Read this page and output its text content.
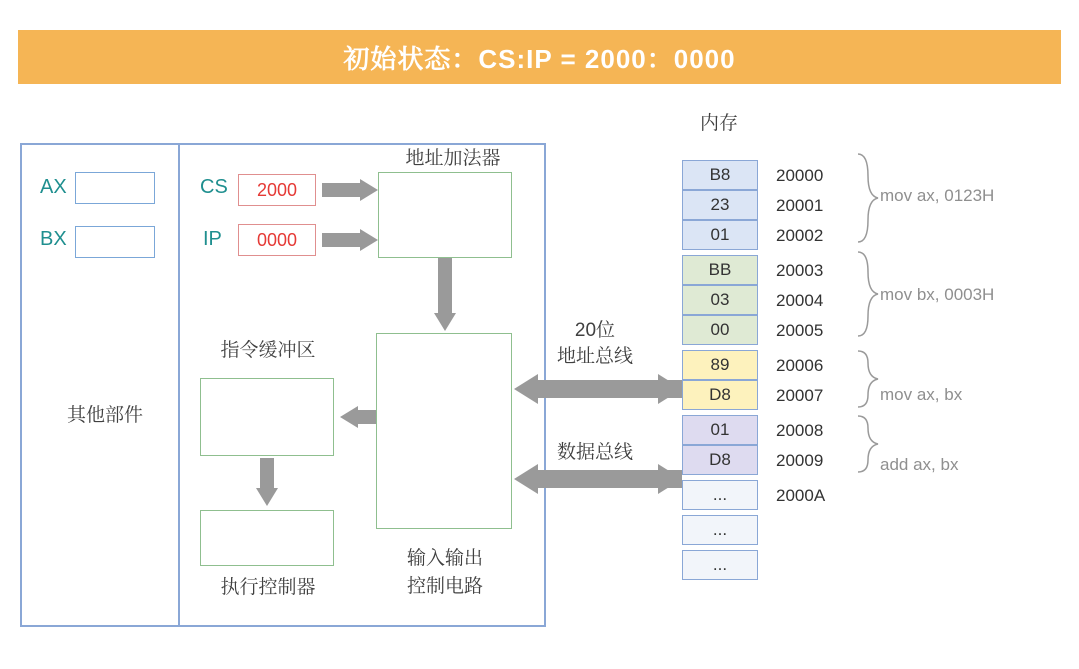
初始状态：CS:IP = 2000：0000
其他部件
AX
BX
CS	2000
IP	0000
地址加法器
指令缓冲区
执行控制器
输入输出
控制电路
20位
地址总线
数据总线
内存
B8	20000
23	20001
01	20002
BB	20003
03	20004
00	20005
89	20006
D8	20007
01	20008
D8	20009
...	2000A
...
...
mov ax, 0123H
mov bx, 0003H
mov ax, bx
add ax, bx
